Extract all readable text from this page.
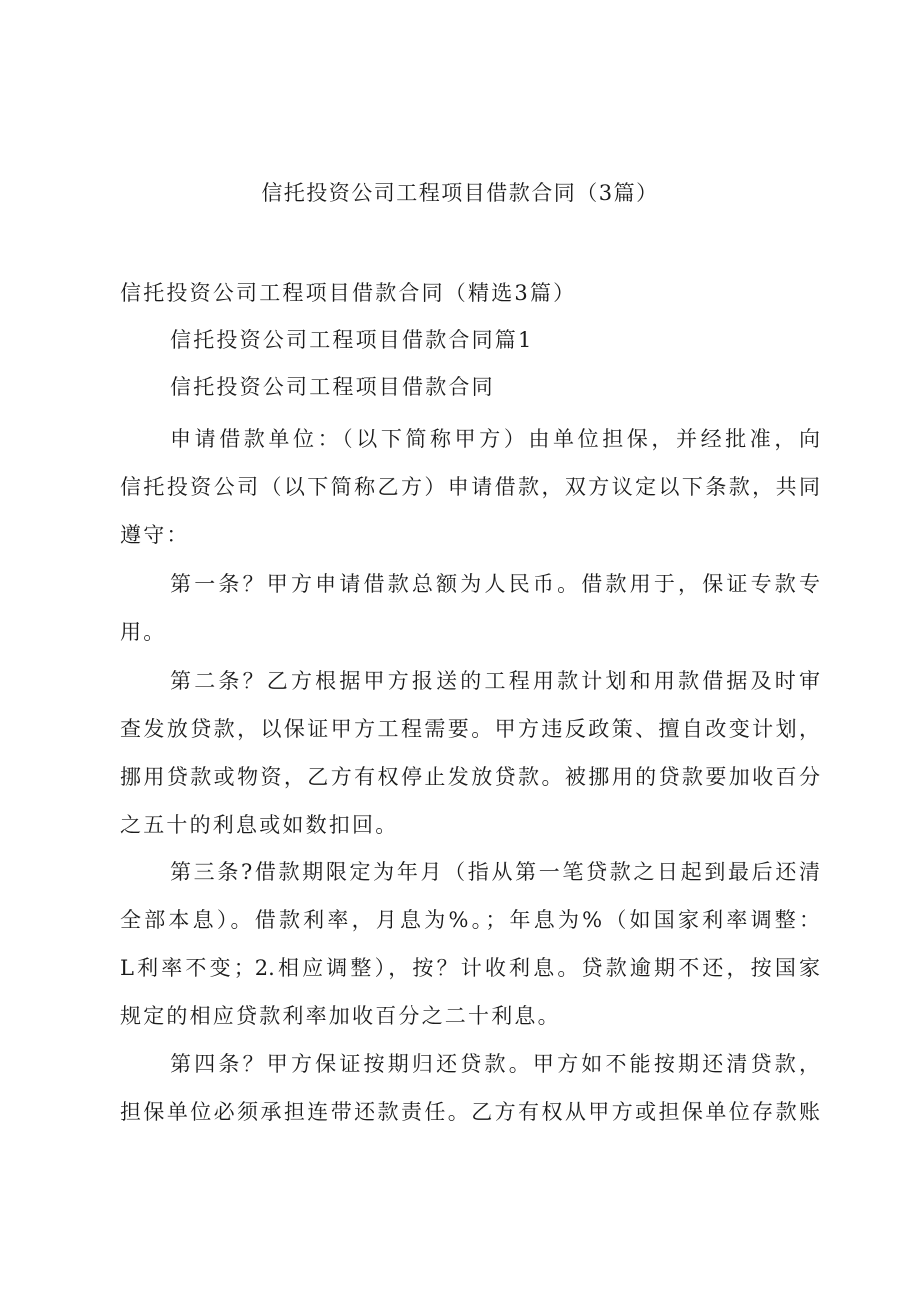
信托投资公司工程项目借款合同（3篇）
信托投资公司工程项目借款合同（精选3篇）
信托投资公司工程项目借款合同篇1
信托投资公司工程项目借款合同
申请借款单位：（以下简称甲方）由单位担保，并经批准，向
信托投资公司（以下简称乙方）申请借款，双方议定以下条款，共同
遵守：
第一条？甲方申请借款总额为人民币。借款用于，保证专款专
用。
第二条？乙方根据甲方报送的工程用款计划和用款借据及时审
查发放贷款，以保证甲方工程需要。甲方违反政策、擅自改变计划，
挪用贷款或物资，乙方有权停止发放贷款。被挪用的贷款要加收百分
之五十的利息或如数扣回。
第三条?借款期限定为年月（指从第一笔贷款之日起到最后还清
全部本息）。借款利率，月息为%。；年息为%（如国家利率调整：
L利率不变；2.相应调整），按？计收利息。贷款逾期不还，按国家
规定的相应贷款利率加收百分之二十利息。
第四条？甲方保证按期归还贷款。甲方如不能按期还清贷款，
担保单位必须承担连带还款责任。乙方有权从甲方或担保单位存款账
